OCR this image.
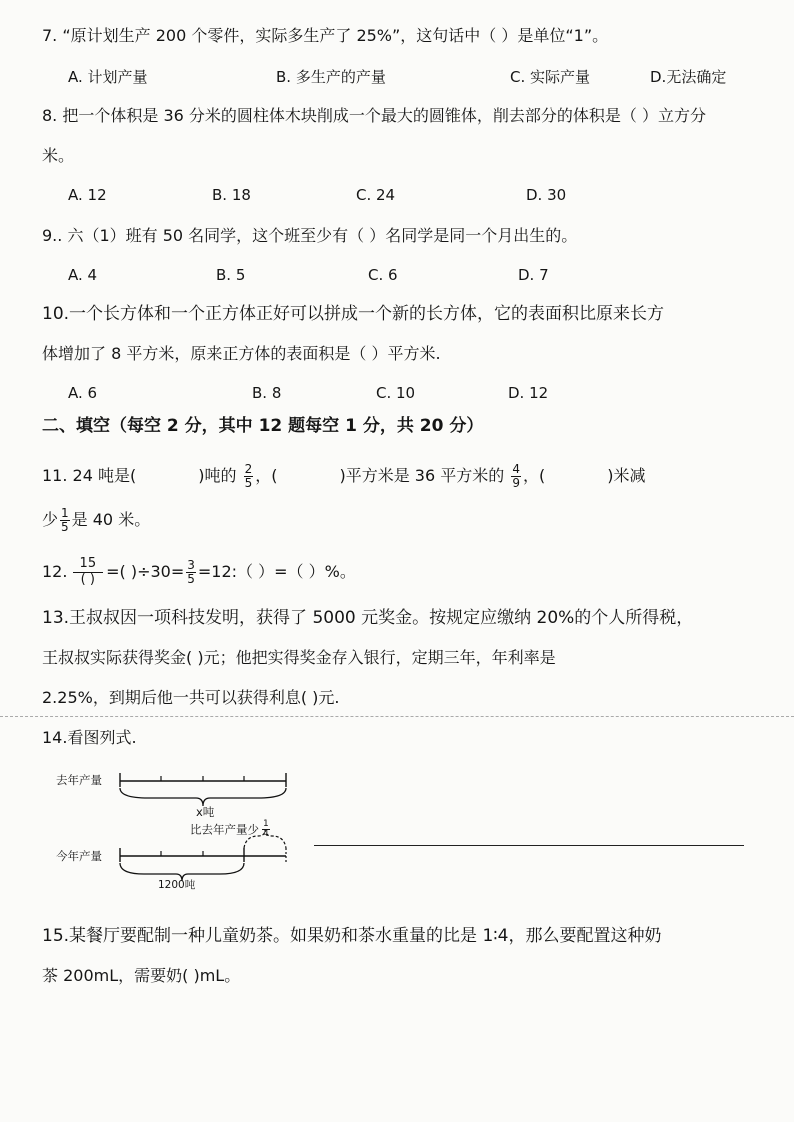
7. “原计划生产 200 个零件，实际多生产了 25%”，这句话中（ ）是单位“1”。
A. 计划产量	B. 多生产的产量	C. 实际产量	D.无法确定
8. 把一个体积是 36 分米的圆柱体木块削成一个最大的圆锥体，削去部分的体积是（ ）立方分
米。
A. 12	B. 18	C. 24	D. 30
9.. 六（1）班有 50 名同学，这个班至少有（ ）名同学是同一个月出生的。
A. 4	B. 5	C. 6	D. 7
10.一个长方体和一个正方体正好可以拼成一个新的长方体，它的表面积比原来长方
体增加了 8 平方米，原来正方体的表面积是（ ）平方米.
A. 6	B. 8	C. 10	D. 12
二、填空（每空 2 分，其中 12 题每空 1 分，共 20 分）
11. 24 吨是(	)吨的 $\frac{2}{5}$ ，(	)平方米是 36 平方米的 $\frac{4}{9}$ ，(	)米减
少 $\frac{1}{5}$ 是 40 米。
12. $\frac{15}{( )}$ =( )$\div 30= \frac{3}{5}$ =12:（ ）=（ ）%。
13.王叔叔因一项科技发明，获得了 5000 元奖金。按规定应缴纳 20%的个人所得税，
王叔叔实际获得奖金( )元；他把实得奖金存入银行，定期三年，年利率是
2.25%，到期后他一共可以获得利息( )元.
14.看图列式.
去年产量
今年产量
x吨
比去年产量少 $\frac{1}{4}$
1200吨
15.某餐厅要配制一种儿童奶茶。如果奶和茶水重量的比是 1∶4，那么要配置这种奶
茶 200mL，需要奶( )mL。
